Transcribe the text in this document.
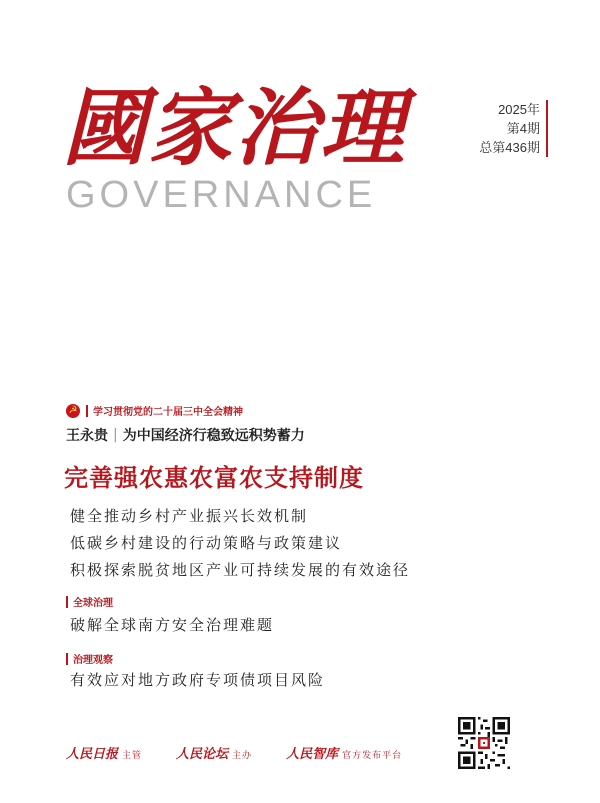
國家治理
GOVERNANCE
2025年
第4期
总第436期
☭ 学习贯彻党的二十届三中全会精神
王永贵 | 为中国经济行稳致远积势蓄力
完善强农惠农富农支持制度
健全推动乡村产业振兴长效机制
低碳乡村建设的行动策略与政策建议
积极探索脱贫地区产业可持续发展的有效途径
全球治理
破解全球南方安全治理难题
治理观察
有效应对地方政府专项债项目风险
人民日报 主管	人民论坛 主办	人民智库 官方发布平台
